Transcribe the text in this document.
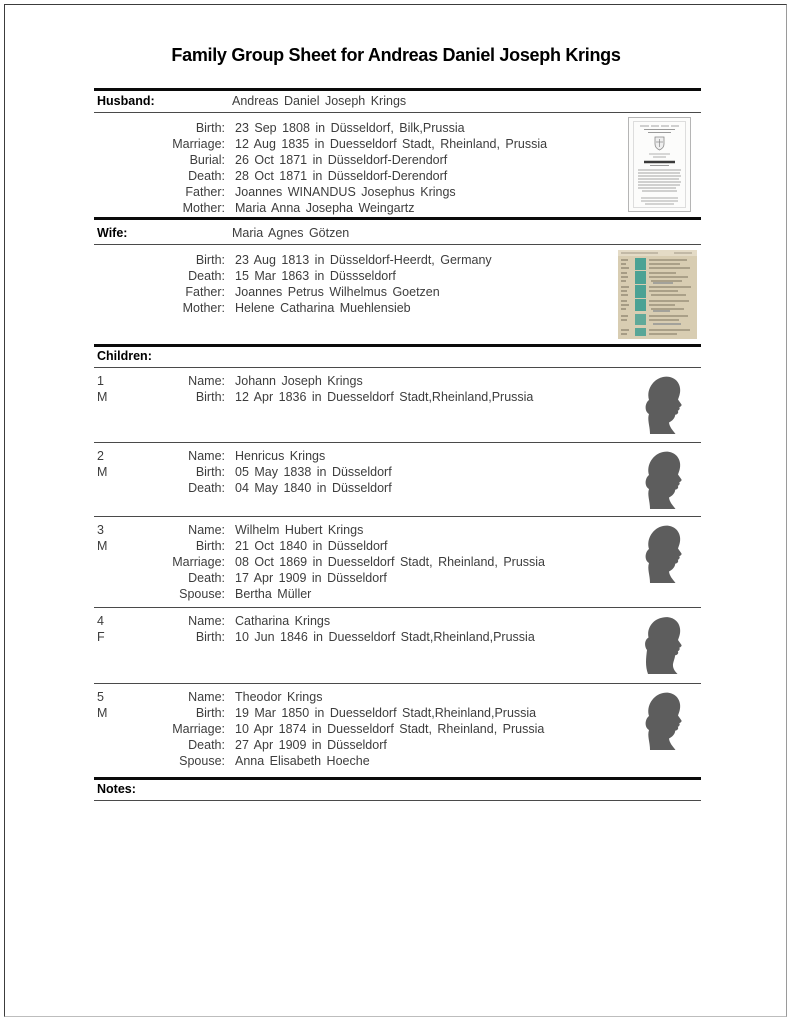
Family Group Sheet for Andreas Daniel Joseph Krings
Husband:	Andreas Daniel Joseph Krings
Birth: 23 Sep 1808 in Düsseldorf, Bilk,Prussia
Marriage: 12 Aug 1835 in Duesseldorf Stadt, Rheinland, Prussia
Burial: 26 Oct 1871 in Düsseldorf-Derendorf
Death: 28 Oct 1871 in Düsseldorf-Derendorf
Father: Joannes WINANDUS Josephus Krings
Mother: Maria Anna Josepha Weingartz
Wife:	Maria Agnes Götzen
Birth: 23 Aug 1813 in Düsseldorf-Heerdt, Germany
Death: 15 Mar 1863 in Düssseldorf
Father: Joannes Petrus Wilhelmus Goetzen
Mother: Helene Catharina Muehlensieb
Children:
1
M
Name: Johann Joseph Krings
Birth: 12 Apr 1836 in Duesseldorf Stadt,Rheinland,Prussia
2
M
Name: Henricus Krings
Birth: 05 May 1838 in Düsseldorf
Death: 04 May 1840 in Düsseldorf
3
M
Name: Wilhelm Hubert Krings
Birth: 21 Oct 1840 in Düsseldorf
Marriage: 08 Oct 1869 in Duesseldorf Stadt, Rheinland, Prussia
Death: 17 Apr 1909 in Düsseldorf
Spouse: Bertha Müller
4
F
Name: Catharina Krings
Birth: 10 Jun 1846 in Duesseldorf Stadt,Rheinland,Prussia
5
M
Name: Theodor Krings
Birth: 19 Mar 1850 in Duesseldorf Stadt,Rheinland,Prussia
Marriage: 10 Apr 1874 in Duesseldorf Stadt, Rheinland, Prussia
Death: 27 Apr 1909 in Düsseldorf
Spouse: Anna Elisabeth Hoeche
Notes:
